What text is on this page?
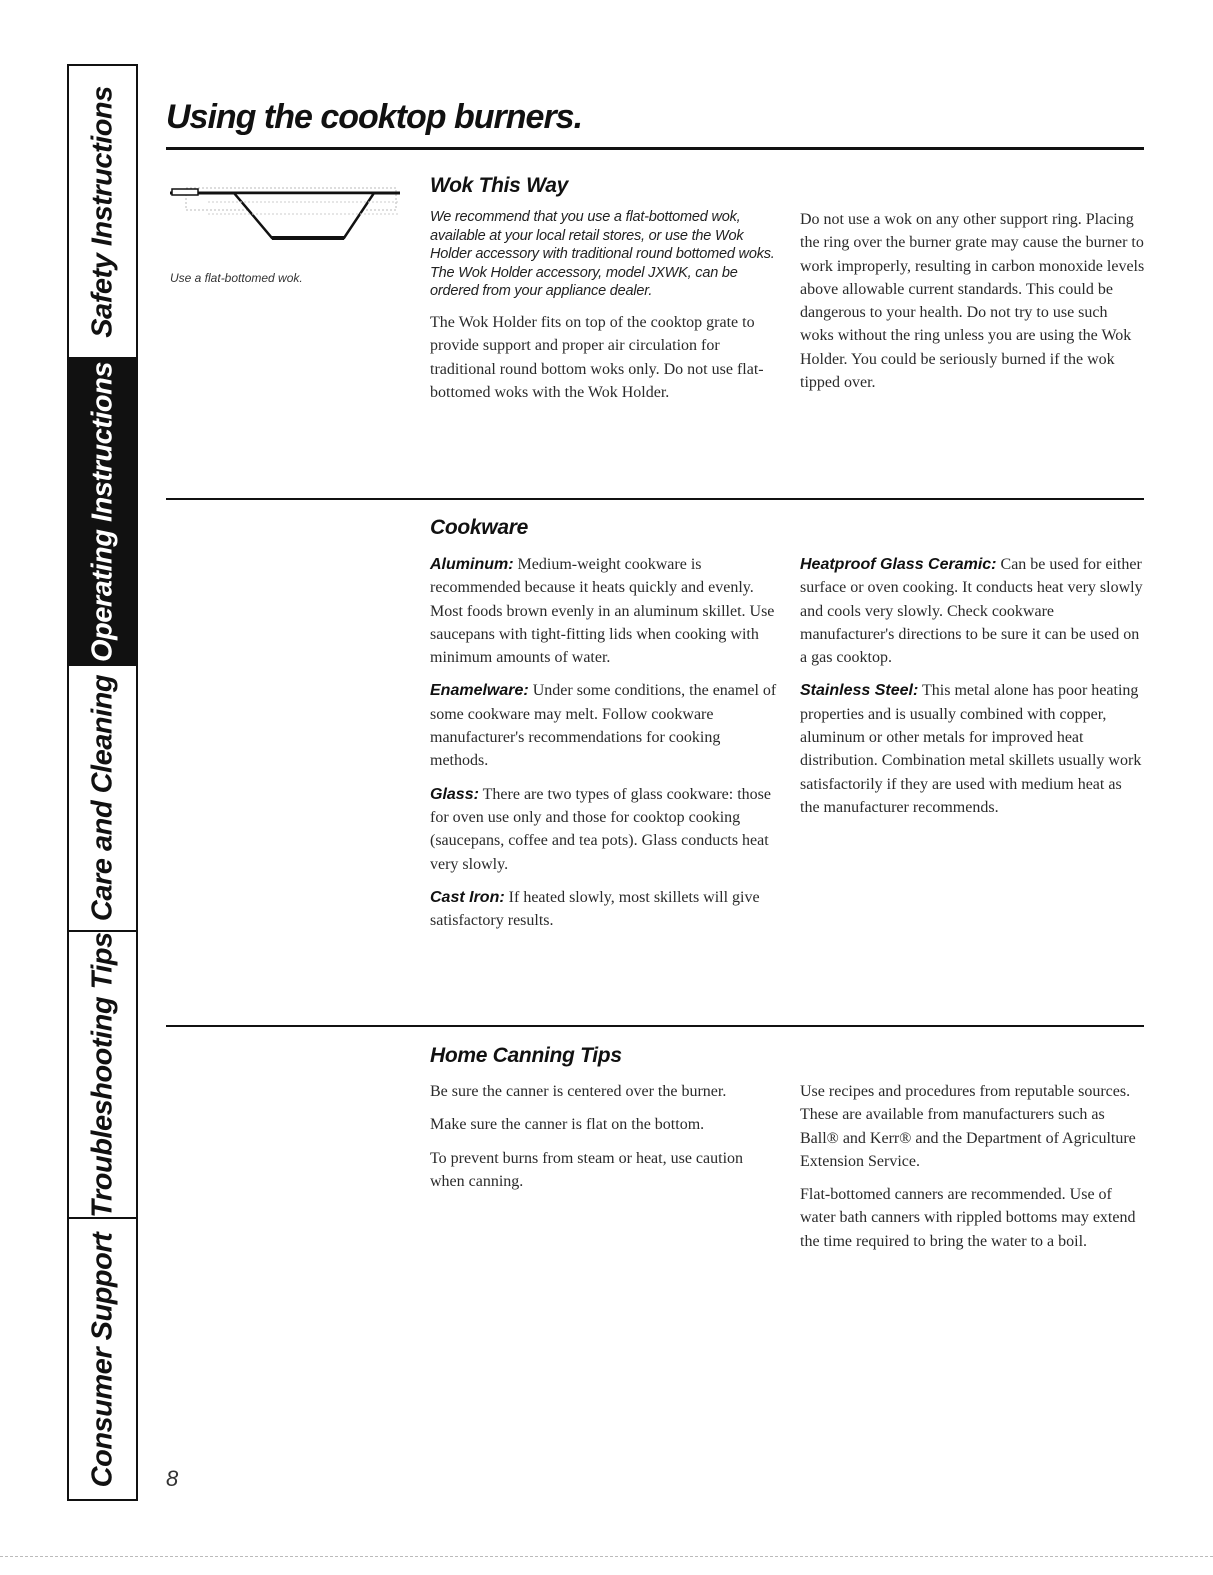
Safety Instructions
Operating Instructions
Care and Cleaning
Troubleshooting Tips
Consumer Support
Using the cooktop burners.
Use a flat-bottomed wok.
Wok This Way

We recommend that you use a flat-bottomed wok, available at your local retail stores, or use the Wok Holder accessory with traditional round bottomed woks. The Wok Holder accessory, model JXWK, can be ordered from your appliance dealer.

The Wok Holder fits on top of the cooktop grate to provide support and proper air circulation for traditional round bottom woks only. Do not use flat-bottomed woks with the Wok Holder.

Do not use a wok on any other support ring. Placing the ring over the burner grate may cause the burner to work improperly, resulting in carbon monoxide levels above allowable current standards. This could be dangerous to your health. Do not try to use such woks without the ring unless you are using the Wok Holder. You could be seriously burned if the wok tipped over.

Cookware

Aluminum: Medium-weight cookware is recommended because it heats quickly and evenly. Most foods brown evenly in an aluminum skillet. Use saucepans with tight-fitting lids when cooking with minimum amounts of water.

Enamelware: Under some conditions, the enamel of some cookware may melt. Follow cookware manufacturer's recommendations for cooking methods.

Glass: There are two types of glass cookware: those for oven use only and those for cooktop cooking (saucepans, coffee and tea pots). Glass conducts heat very slowly.

Cast Iron: If heated slowly, most skillets will give satisfactory results.

Heatproof Glass Ceramic: Can be used for either surface or oven cooking. It conducts heat very slowly and cools very slowly. Check cookware manufacturer's directions to be sure it can be used on a gas cooktop.

Stainless Steel: This metal alone has poor heating properties and is usually combined with copper, aluminum or other metals for improved heat distribution. Combination metal skillets usually work satisfactorily if they are used with medium heat as the manufacturer recommends.

Home Canning Tips

Be sure the canner is centered over the burner.

Make sure the canner is flat on the bottom.

To prevent burns from steam or heat, use caution when canning.

Use recipes and procedures from reputable sources. These are available from manufacturers such as Ball® and Kerr® and the Department of Agriculture Extension Service.

Flat-bottomed canners are recommended. Use of water bath canners with rippled bottoms may extend the time required to bring the water to a boil.

8
